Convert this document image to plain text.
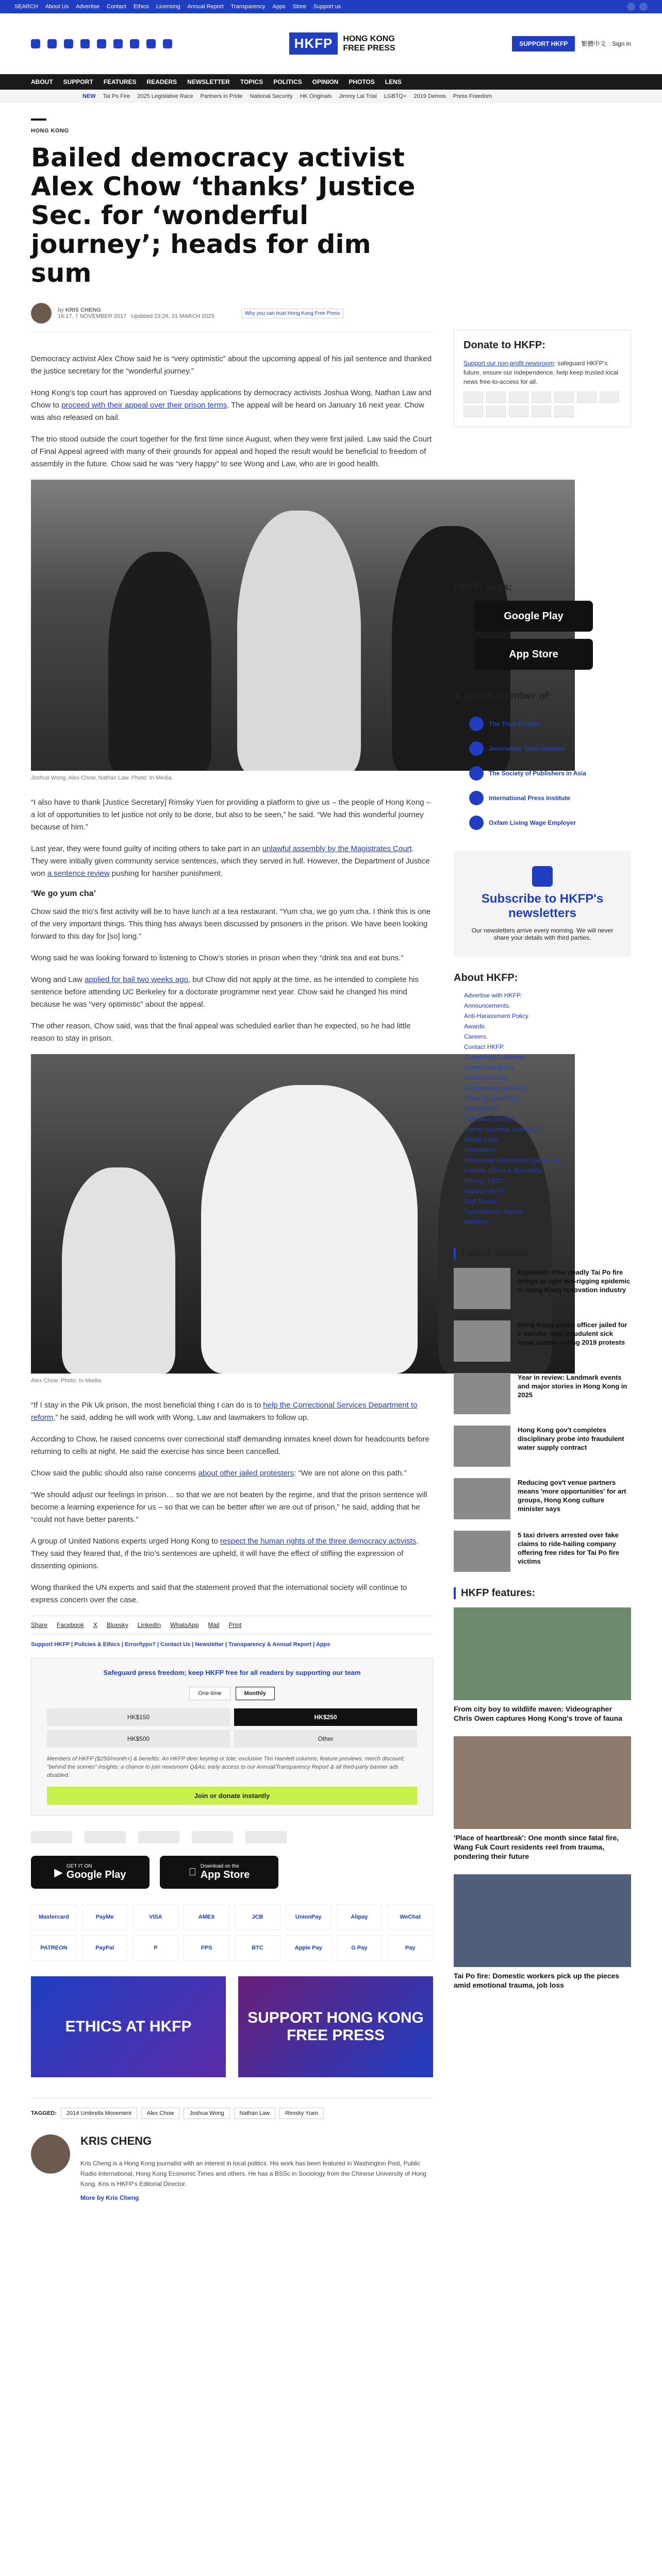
SEARCH About Us Advertise Contact Ethics Licensing Annual Report Transparency Apps Store Support us
HKFP	HONG KONG
FREE PRESS	SUPPORT HKFP	繁體中文 Sign in
ABOUT SUPPORT FEATURES READERS NEWSLETTER TOPICS POLITICS OPINION PHOTOS LENS
NEW Tai Po Fire 2025 Legislative Race Partners in Pride National Security HK Originals Jimmy Lai Trial LGBTQ+ 2019 Demos Press Freedom
HONG KONG
Bailed democracy activist Alex Chow ‘thanks’ Justice Sec. for ‘wonderful journey’; heads for dim sum
by KRIS CHENG
16:17, 7 NOVEMBER 2017 Updated 23:26, 31 MARCH 2025	Why you can trust Hong Kong Free Press

Democracy activist Alex Chow said he is “very optimistic” about the upcoming appeal of his jail sentence and thanked the justice secretary for the “wonderful journey.”

Hong Kong’s top court has approved on Tuesday applications by democracy activists Joshua Wong, Nathan Law and Chow to proceed with their appeal over their prison terms. The appeal will be heard on January 16 next year. Chow was also released on bail.

The trio stood outside the court together for the first time since August, when they were first jailed. Law said the Court of Final Appeal agreed with many of their grounds for appeal and hoped the result would be beneficial to freedom of assembly in the future. Chow said he was “very happy” to see Wong and Law, who are in good health.

Joshua Wong, Alex Chow, Nathan Law. Photo: In-Media.

“I also have to thank [Justice Secretary] Rimsky Yuen for providing a platform to give us – the people of Hong Kong – a lot of opportunities to let justice not only to be done, but also to be seen,” he said. “We had this wonderful journey because of him.”

Last year, they were found guilty of inciting others to take part in an unlawful assembly by the Magistrates Court. They were initially given community service sentences, which they served in full. However, the Department of Justice won a sentence review pushing for harsher punishment.

‘We go yum cha’

Chow said the trio’s first activity will be to have lunch at a tea restaurant. “Yum cha, we go yum cha. I think this is one of the very important things. This thing has always been discussed by prisoners in the prison. We have been looking forward to this day for [so] long.”

Wong said he was looking forward to listening to Chow’s stories in prison when they “drink tea and eat buns.”

Wong and Law applied for bail two weeks ago, but Chow did not apply at the time, as he intended to complete his sentence before attending UC Berkeley for a doctorate programme next year. Chow said he changed his mind because he was “very optimistic” about the appeal.

The other reason, Chow said, was that the final appeal was scheduled earlier than he expected, so he had little reason to stay in prison.

Alex Chow. Photo: In-Media.

“If I stay in the Pik Uk prison, the most beneficial thing I can do is to help the Correctional Services Department to reform,” he said, adding he will work with Wong, Law and lawmakers to follow up.

According to Chow, he raised concerns over correctional staff demanding inmates kneel down for headcounts before returning to cells at night. He said the exercise has since been cancelled.

Chow said the public should also raise concerns about other jailed protesters: “We are not alone on this path.”

“We should adjust our feelings in prison… so that we are not beaten by the regime, and that the prison sentence will become a learning experience for us – so that we can be better after we are out of prison,” he said, adding that he “could not have better parents.”

A group of United Nations experts urged Hong Kong to respect the human rights of the three democracy activists. They said they feared that, if the trio’s sentences are upheld, it will have the effect of stifling the expression of dissenting opinions.

Wong thanked the UN experts and said that the statement proved that the international society will continue to express concern over the case.

Share Facebook X Bluesky LinkedIn WhatsApp Mail Print
Support HKFP | Policies & Ethics | Error/typo? | Contact Us | Newsletter | Transparency & Annual Report | Apps
Safeguard press freedom; keep HKFP free for all readers by supporting our team
One-time	Monthly
HK$150	HK$250
HK$500	Other
Members of HKFP ($250/month+) & benefits: An HKFP deer keyring or tote; exclusive Tim Hamlett columns; feature previews; merch discount; “behind the scenes” insights; a chance to join newsroom Q&As; early access to our Annual/Transparency Report & all third-party banner ads disabled.
Join or donate instantly
▶
GET IT ON
Google Play
Download on the
App Store
Mastercard	PayMe	VISA	AMEX	JCB	UnionPay	Alipay	WeChat
PATREON	PayPal	P	FPS	BTC	Apple Pay	G Pay	Pay
ETHICS AT HKFP
SUPPORT HONG KONG FREE PRESS
TAGGED:	2014 Umbrella Movement	Alex Chow	Joshua Wong	Nathan Law	Rimsky Yuen
KRIS CHENG
Kris Cheng is a Hong Kong journalist with an interest in local politics. His work has been featured in Washington Post, Public Radio International, Hong Kong Economic Times and others. He has a BSSc in Sociology from the Chinese University of Hong Kong. Kris is HKFP's Editorial Director.
More by Kris Cheng
Donate to HKFP:

Support our non-profit newsroom: safeguard HKFP's future, ensure our independence, help keep trusted local news free-to-access for all.

HKFP apps:
Google Play
App Store
A proud member of:
The Trust Project
Journalism Trust Initiative
The Society of Publishers in Asia
International Press Institute
Oxfam Living Wage Employer
Subscribe to HKFP's newsletters

Our newsletters arrive every morning. We will never share your details with third parties.

About HKFP:
Advertise with HKFP.
Announcements.
Anti-Harassment Policy.
Awards.
Careers.
Contact HKFP.
Community Guidelines.
Corrections Policy.
Corrections Log.
Documentary on HKFP.
Donor Support FAQ.
Deer Mascot.
Freelance Charter.
Human-powered Journalism.
Mobile Apps.
Newsletters.
Newspaper Registration (periodical).
Policies, Ethics & Standards.
Privacy, T&Cs.
Support HKFP.
Staff Roster.
Transparency Report.
Weather.
Latest stories:
Explainer: How deadly Tai Po fire brings to light bid-rigging epidemic in Hong Kong renovation industry
Hong Kong police officer jailed for 6 months over fraudulent sick leave claims during 2019 protests
Year in review: Landmark events and major stories in Hong Kong in 2025
Hong Kong gov't completes disciplinary probe into fraudulent water supply contract
Reducing gov't venue partners means 'more opportunities' for art groups, Hong Kong culture minister says
5 taxi drivers arrested over fake claims to ride-hailing company offering free rides for Tai Po fire victims
HKFP features:
From city boy to wildlife maven: Videographer Chris Owen captures Hong Kong's trove of fauna
'Place of heartbreak': One month since fatal fire, Wang Fuk Court residents reel from trauma, pondering their future
Tai Po fire: Domestic workers pick up the pieces amid emotional trauma, job loss
